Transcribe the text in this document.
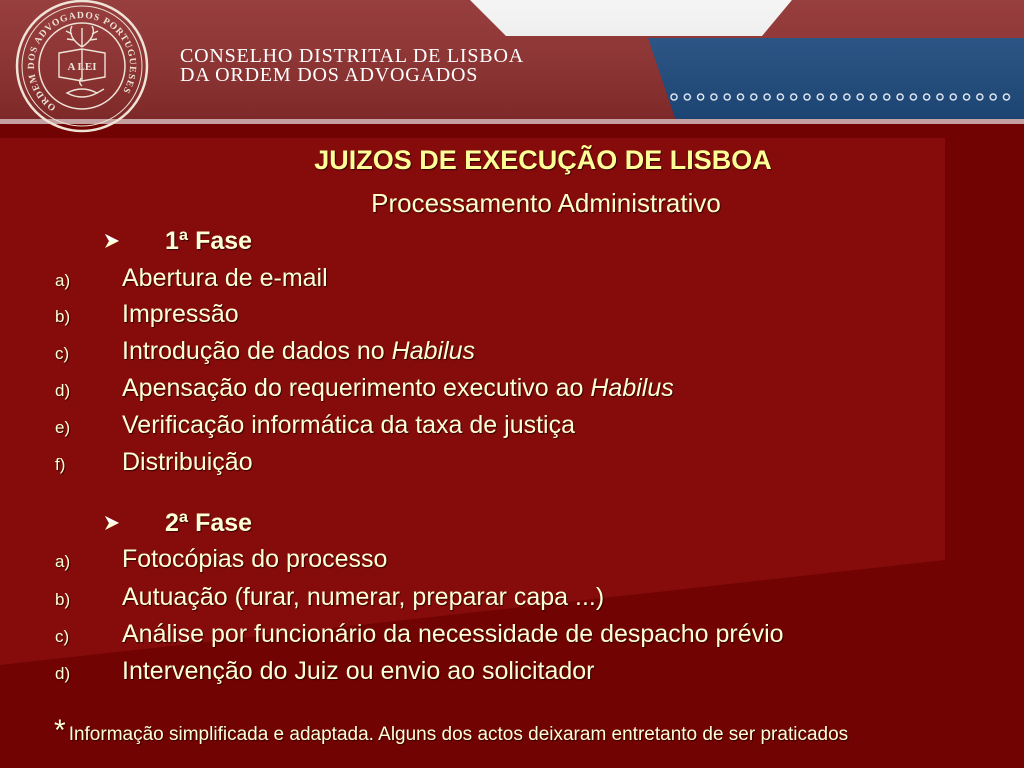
ORDEM DOS ADVOGADOS PORTUGUESES
A LEI	CONSELHO DISTRITAL DE LISBOA
DA ORDEM DOS ADVOGADOS
JUIZOS DE EXECUÇÃO DE LISBOA
Processamento Administrativo
1ª Fase
a) Abertura de e-mail
b) Impressão
c) Introdução de dados no Habilus
d) Apensação do requerimento executivo ao Habilus
e) Verificação informática da taxa de justiça
f) Distribuição
2ª Fase
a) Fotocópias do processo
b) Autuação (furar, numerar, preparar capa ...)
c) Análise por funcionário da necessidade de despacho prévio
d) Intervenção do Juiz ou envio ao solicitador
* Informação simplificada e adaptada. Alguns dos actos deixaram entretanto de ser praticados
